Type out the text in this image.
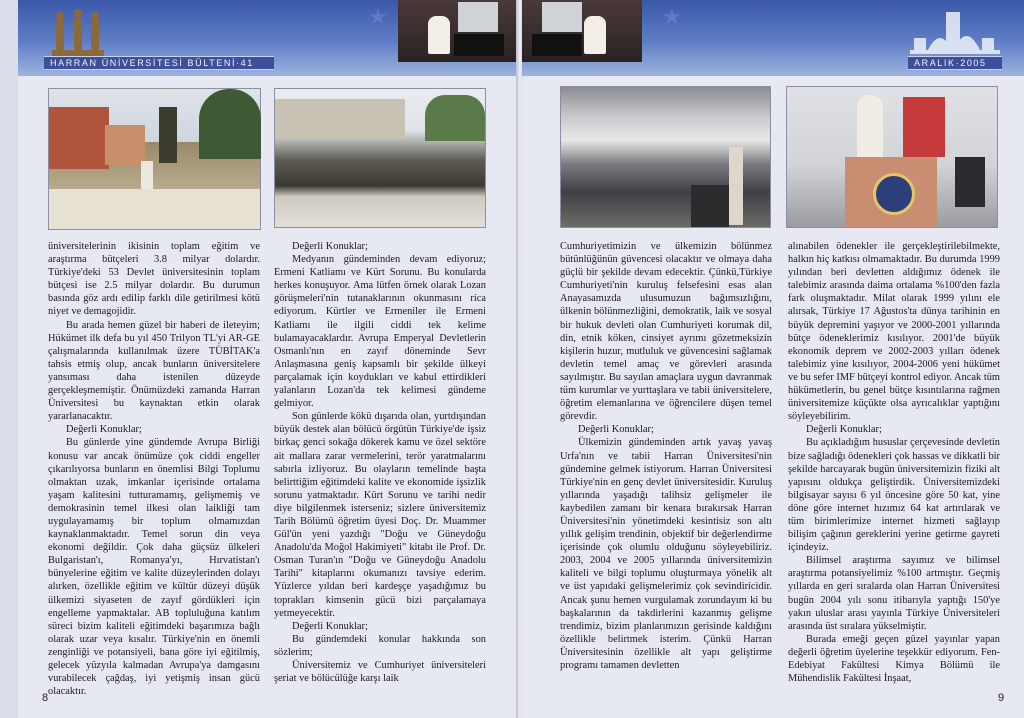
★
HARRAN ÜNİVERSİTESİ BÜLTENİ·41

üniversitelerinin ikisinin toplam eğitim ve araştırma bütçeleri 3.8 milyar dolardır. Türkiye'deki 53 Devlet üniversitesinin toplam bütçesi ise 2.5 milyar dolardır. Bu durumun basında göz ardı edilip farklı dile getirilmesi kötü niyet ve demagojidir.

Bu arada hemen güzel bir haberi de ileteyim; Hükümet ilk defa bu yıl 450 Trilyon TL'yi AR-GE çalışmalarında kullanılmak üzere TÜBİTAK'a tahsis etmiş olup, ancak bunların üniversitelere yansıması daha istenilen düzeyde gerçekleşmemiştir. Önümüzdeki zamanda Harran Üniversitesi bu kaynaktan etkin olarak yararlanacaktır.

Değerli Konuklar;

Bu günlerde yine gündemde Avrupa Birliği konusu var ancak önümüze çok ciddi engeller çıkarılıyorsa bunların en önemlisi Bilgi Toplumu olmaktan uzak, imkanlar içerisinde ortalama yaşam kalitesini tutturamamış, gelişmemiş ve demokrasinin temel ilkesi olan laikliği tam uygulayamamış bir toplum olmamızdan kaynaklanmaktadır. Temel sorun din veya ekonomi değildir. Çok daha güçsüz ülkeleri Bulgaristan'ı, Romanya'yı, Hırvatistan'ı bünyelerine eğitim ve kalite düzeylerinden dolayı alırken, özellikle eğitim ve kültür düzeyi düşük ülkemizi siyaseten de zayıf gördükleri için engelleme yapmaktalar. AB topluluğuna katılım süreci bizim kaliteli eğitimdeki başarımıza bağlı olarak uzar veya kısalır. Türkiye'nin en önemli zenginliği ve potansiyeli, bana göre iyi eğitilmiş, gelecek yüzyıla kalmadan Avrupa'ya damgasını vurabilecek çağdaş, iyi yetişmiş insan gücü olacaktır.

Değerli Konuklar;

Medyanın gündeminden devam ediyoruz; Ermeni Katliamı ve Kürt Sorunu. Bu konularda herkes konuşuyor. Ama lütfen örnek olarak Lozan görüşmeleri'nin tutanaklarının okunmasını rica ediyorum. Kürtler ve Ermeniler ile Ermeni Katliamı ile ilgili ciddi tek kelime bulamayacaklardır. Avrupa Emperyal Devletlerin Osmanlı'nın en zayıf döneminde Sevr Anlaşmasına geniş kapsamlı bir şekilde ülkeyi parçalamak için koydukları ve kabul ettirdikleri yalanların Lozan'da tek kelimesi gündeme gelmiyor.

Son günlerde kökü dışarıda olan, yurtdışından büyük destek alan bölücü örgütün Türkiye'de işsiz birkaç genci sokağa dökerek kamu ve özel sektöre ait mallara zarar vermelerini, terör yaratmalarını sabırla izliyoruz. Bu olayların temelinde başta belirttiğim eğitimdeki kalite ve ekonomide işsizlik sorunu yatmaktadır. Kürt Sorunu ve tarihi nedir diye bilgilenmek isterseniz; sizlere üniversitemiz Tarih Bölümü öğretim üyesi Doç. Dr. Muammer Gül'ün yeni yazdığı "Doğu ve Güneydoğu Anadolu'da Moğol Hakimiyeti" kitabı ile Prof. Dr. Osman Turan'ın "Doğu ve Güneydoğu Anadolu Tarihi" kitaplarını okumanızı tavsiye ederim. Yüzlerce yıldan beri kardeşçe yaşadığımız bu toprakları kimsenin gücü bizi parçalamaya yetmeyecektir.

Değerli Konuklar;

Bu gündemdeki konular hakkında son sözlerim;

Üniversitemiz ve Cumhuriyet üniversiteleri şeriat ve bölücülüğe karşı laik

8
★
ARALIK·2005

Cumhuriyetimizin ve ülkemizin bölünmez bütünlüğünün güvencesi olacaktır ve olmaya daha güçlü bir şekilde devam edecektir. Çünkü,Türkiye Cumhuriyeti'nin kuruluş felsefesini esas alan Anayasamızda ulusumuzun bağımsızlığını, ülkenin bölünmezliğini, demokratik, laik ve sosyal bir hukuk devleti olan Cumhuriyeti korumak dil, din, etnik köken, cinsiyet ayrımı gözetmeksizin kişilerin huzur, mutluluk ve güvencesini sağlamak devletin temel amaç ve görevleri arasında sayılmıştır. Bu sayılan amaçlara uygun davranmak tüm kurumlar ve yurttaşlara ve tabii üniversitelere, öğretim elemanlarına ve öğrencilere düşen temel görevdir.

Değerli Konuklar;

Ülkemizin gündeminden artık yavaş yavaş Urfa'nın ve tabii Harran Üniversitesi'nin gündemine gelmek istiyorum. Harran Üniversitesi Türkiye'nin en genç devlet üniversitesidir. Kuruluş yıllarında yaşadığı talihsiz gelişmeler ile kaybedilen zamanı bir kenara bırakırsak Harran Üniversitesi'nin yönetimdeki kesintisiz son altı yıllık gelişim trendinin, objektif bir değerlendirme içerisinde çok olumlu olduğunu söyleyebiliriz. 2003, 2004 ve 2005 yıllarında üniversitemizin kaliteli ve bilgi toplumu oluşturmaya yönelik alt ve üst yapıdaki gelişmelerimiz çok sevindiricidir. Ancak şunu hemen vurgulamak zorundayım ki bu başkalarının da takdirlerini kazanmış gelişme trendimiz, bizim planlarımızın gerisinde kaldığını özellikle belirtmek isterim. Çünkü Harran Üniversitesinin özellikle alt yapı geliştirme programı tamamen devletten

alınabilen ödenekler ile gerçekleştirilebilmekte, halkın hiç katkısı olmamaktadır. Bu durumda 1999 yılından beri devletten aldığımız ödenek ile talebimiz arasında daima ortalama %100'den fazla fark oluşmaktadır. Milat olarak 1999 yılını ele alırsak, Türkiye 17 Ağustos'ta dünya tarihinin en büyük depremini yaşıyor ve 2000-2001 yıllarında bütçe ödeneklerimiz kısılıyor. 2001'de büyük ekonomik deprem ve 2002-2003 yılları ödenek talebimiz yine kısılıyor, 2004-2006 yeni hükümet ve bu sefer IMF bütçeyi kontrol ediyor. Ancak tüm hükümetlerin, bu genel bütçe kısıntılarına rağmen üniversitemize küçükte olsa ayrıcalıklar yaptığını söyleyebilirim.

Değerli Konuklar;

Bu açıkladığım hususlar çerçevesinde devletin bize sağladığı ödenekleri çok hassas ve dikkatli bir şekilde harcayarak bugün üniversitemizin fiziki alt yapısını oldukça geliştirdik. Üniversitemizdeki bilgisayar sayısı 6 yıl öncesine göre 50 kat, yine döne göre internet hızımız 64 kat artırılarak ve tüm birimlerimize internet hizmeti sağlayıp bilişim çağının gereklerini yerine getirme gayreti içindeyiz.

Bilimsel araştırma sayımız ve bilimsel araştırma potansiyelimiz %100 artmıştır. Geçmiş yıllarda en geri sıralarda olan Harran Üniversitesi bugün 2004 yılı sonu itibarıyla yaptığı 150'ye yakın uluslar arası yayınla Türkiye Üniversiteleri arasında üst sıralara yükselmiştir.

Burada emeği geçen güzel yayınlar yapan değerli öğretim üyelerine teşekkür ediyorum. Fen-Edebiyat Fakültesi Kimya Bölümü ile Mühendislik Fakültesi İnşaat,

9
